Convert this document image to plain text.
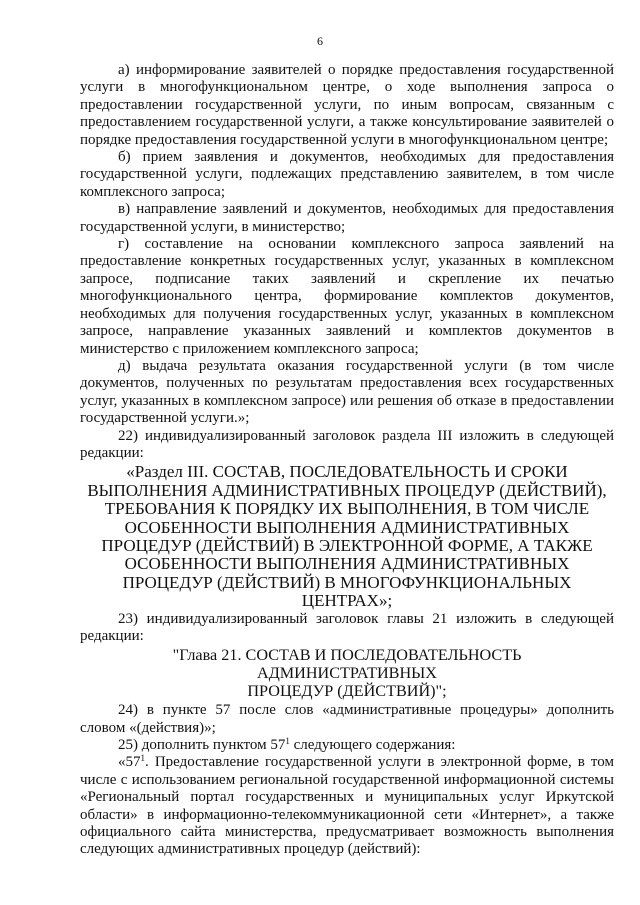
6

а) информирование заявителей о порядке предоставления государственной услуги в многофункциональном центре, о ходе выполнения запроса о предоставлении государственной услуги, по иным вопросам, связанным с предоставлением государственной услуги, а также консультирование заявителей о порядке предоставления государственной услуги в многофункциональном центре;

б) прием заявления и документов, необходимых для предоставления государственной услуги, подлежащих представлению заявителем, в том числе комплексного запроса;

в) направление заявлений и документов, необходимых для предоставления государственной услуги, в министерство;

г) составление на основании комплексного запроса заявлений на предоставление конкретных государственных услуг, указанных в комплексном запросе, подписание таких заявлений и скрепление их печатью многофункционального центра, формирование комплектов документов, необходимых для получения государственных услуг, указанных в комплексном запросе, направление указанных заявлений и комплектов документов в министерство с приложением комплексного запроса;

д) выдача результата оказания государственной услуги (в том числе документов, полученных по результатам предоставления всех государственных услуг, указанных в комплексном запросе) или решения об отказе в предоставлении государственной услуги.»;

22) индивидуализированный заголовок раздела III изложить в следующей редакции:

«Раздел III. СОСТАВ, ПОСЛЕДОВАТЕЛЬНОСТЬ И СРОКИ ВЫПОЛНЕНИЯ АДМИНИСТРАТИВНЫХ ПРОЦЕДУР (ДЕЙСТВИЙ), ТРЕБОВАНИЯ К ПОРЯДКУ ИХ ВЫПОЛНЕНИЯ, В ТОМ ЧИСЛЕ ОСОБЕННОСТИ ВЫПОЛНЕНИЯ АДМИНИСТРАТИВНЫХ ПРОЦЕДУР (ДЕЙСТВИЙ) В ЭЛЕКТРОННОЙ ФОРМЕ, А ТАКЖЕ ОСОБЕННОСТИ ВЫПОЛНЕНИЯ АДМИНИСТРАТИВНЫХ ПРОЦЕДУР (ДЕЙСТВИЙ) В МНОГОФУНКЦИОНАЛЬНЫХ ЦЕНТРАХ»;

23) индивидуализированный заголовок главы 21 изложить в следующей редакции:

"Глава 21. СОСТАВ И ПОСЛЕДОВАТЕЛЬНОСТЬ
АДМИНИСТРАТИВНЫХ
ПРОЦЕДУР (ДЕЙСТВИЙ)";

24) в пункте 57 после слов «административные процедуры» дополнить словом «(действия)»;

25) дополнить пунктом $57^1$ следующего содержания:

«$57^1$. Предоставление государственной услуги в электронной форме, в том числе с использованием региональной государственной информационной системы «Региональный портал государственных и муниципальных услуг Иркутской области» в информационно-телекоммуникационной сети «Интернет», а также официального сайта министерства, предусматривает возможность выполнения следующих административных процедур (действий):
